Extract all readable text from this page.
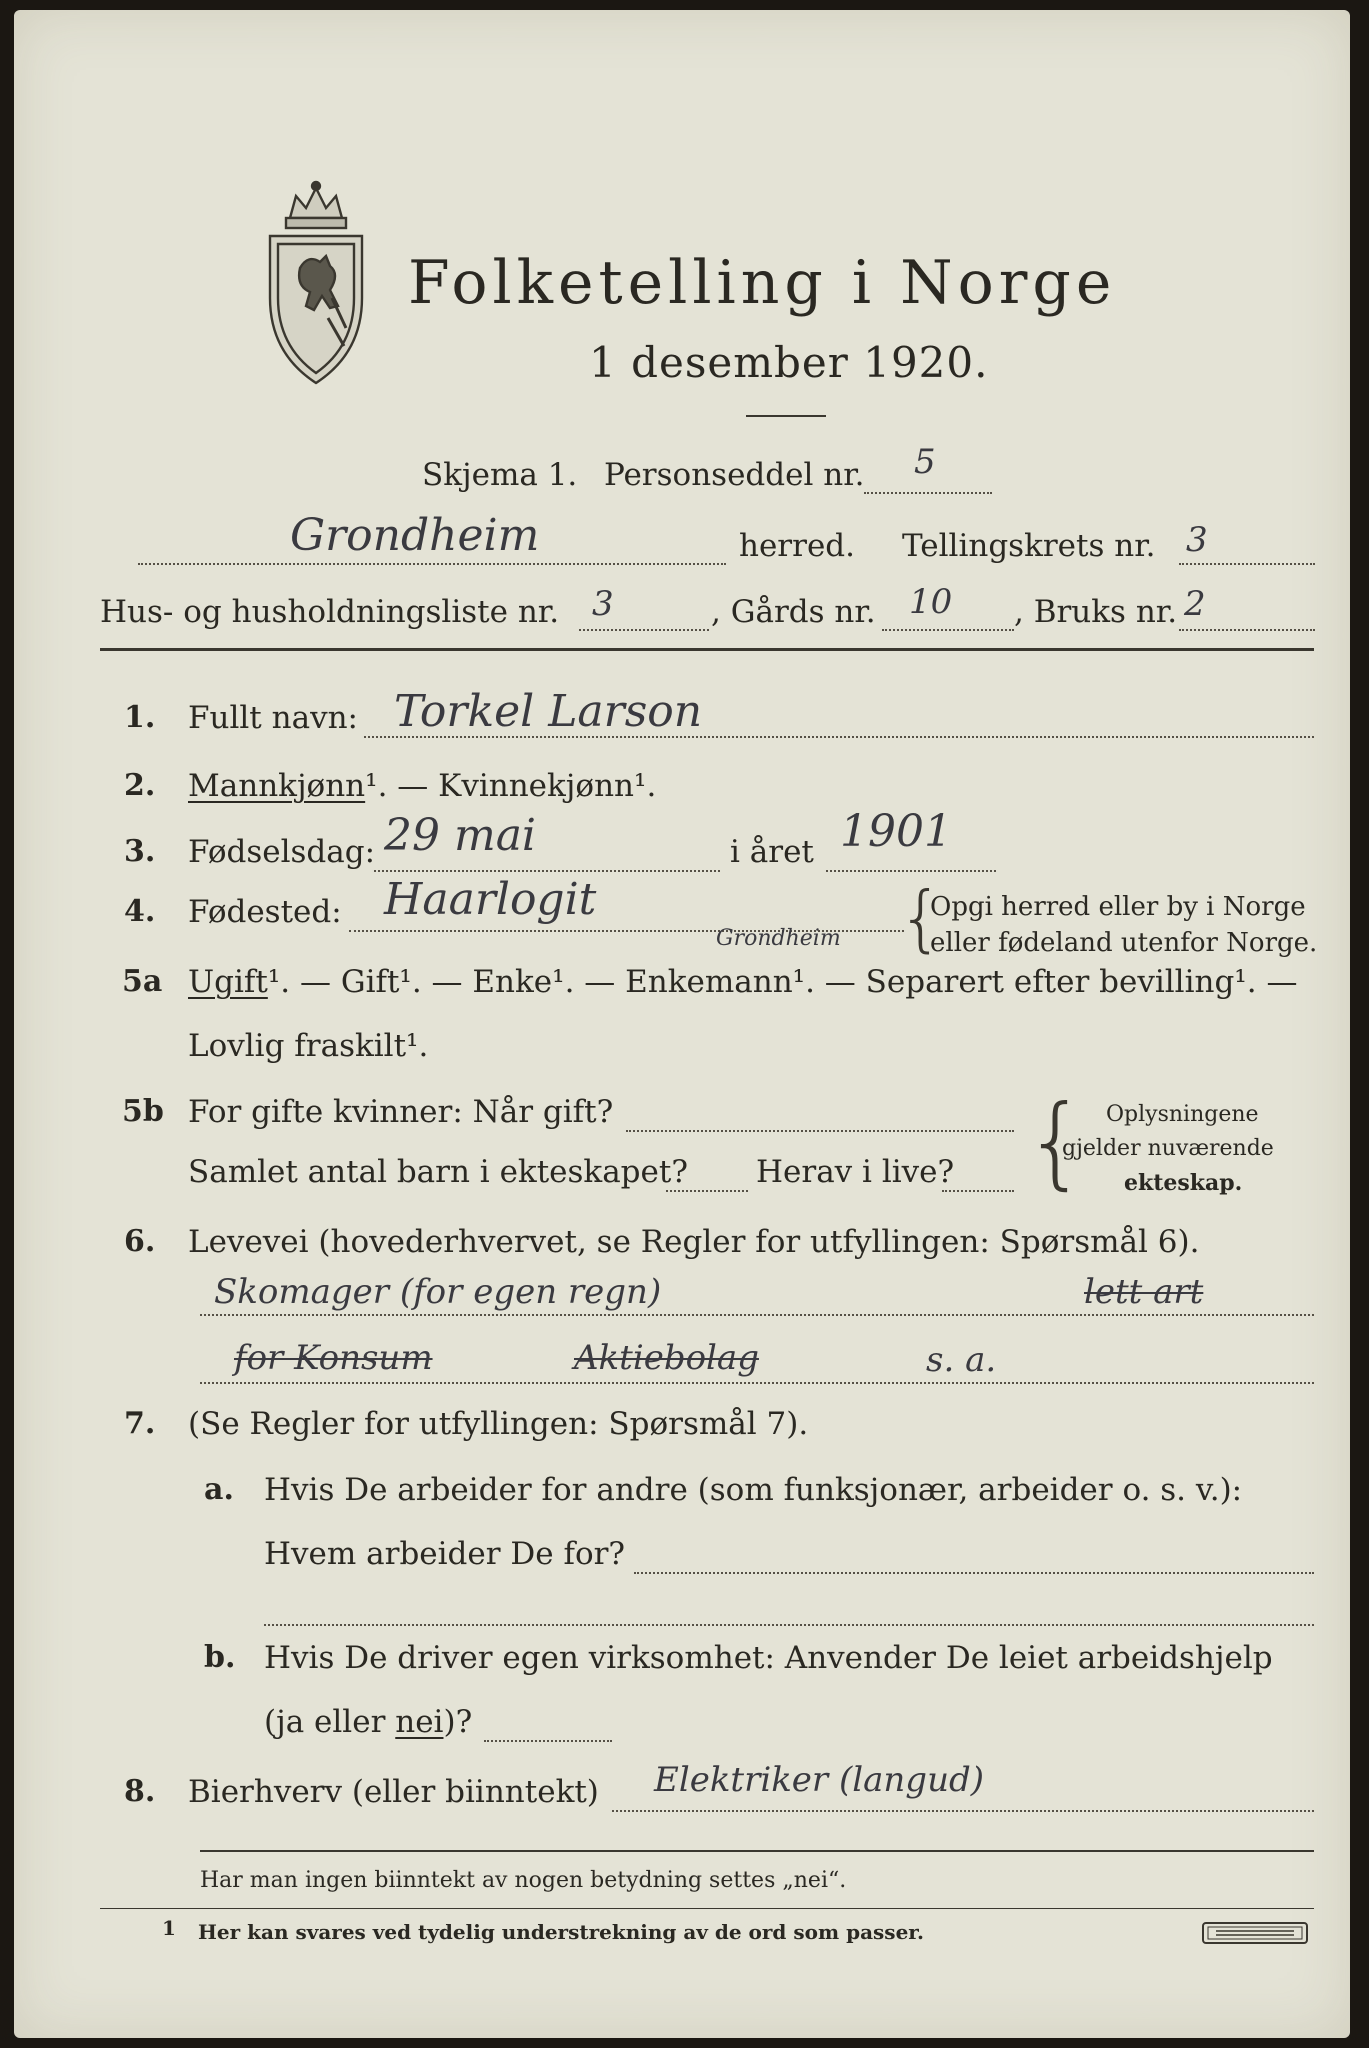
Folketelling i Norge
1 desember 1920.
Skjema 1. Personseddel nr. 5
Grondheim	herred. Tellingskrets nr. 3
Hus- og husholdningsliste nr. 3	, Gårds nr. 10 , Bruks nr. 2
1. Fullt navn: Torkel Larson
2. Mannkjønn¹. — Kvinnekjønn¹.
3. Fødselsdag: 29 mai	i året 1901
4. Fødested: Haarlogit
Grondheim {
Opgi herred eller by i Norge
eller fødeland utenfor Norge.
5a Ugift¹. — Gift¹. — Enke¹. — Enkemann¹. — Separert efter bevilling¹. —
Lovlig fraskilt¹.
5b For gifte kvinner: Når gift?
Samlet antal barn i ekteskapet? Herav i live? { Oplysningene
gjelder nuværende
ekteskap.
6. Levevei (hovederhvervet, se Regler for utfyllingen: Spørsmål 6).
Skomager (for egen regn)	lett art
for Konsum	Aktiebolag	s. a.
7. (Se Regler for utfyllingen: Spørsmål 7).
a. Hvis De arbeider for andre (som funksjonær, arbeider o. s. v.):
Hvem arbeider De for?
b. Hvis De driver egen virksomhet: Anvender De leiet arbeidshjelp
(ja eller nei)?
8. Bierhverv (eller biinntekt) Elektriker (langud)
Har man ingen biinntekt av nogen betydning settes „nei“.
1 Her kan svares ved tydelig understrekning av de ord som passer.
